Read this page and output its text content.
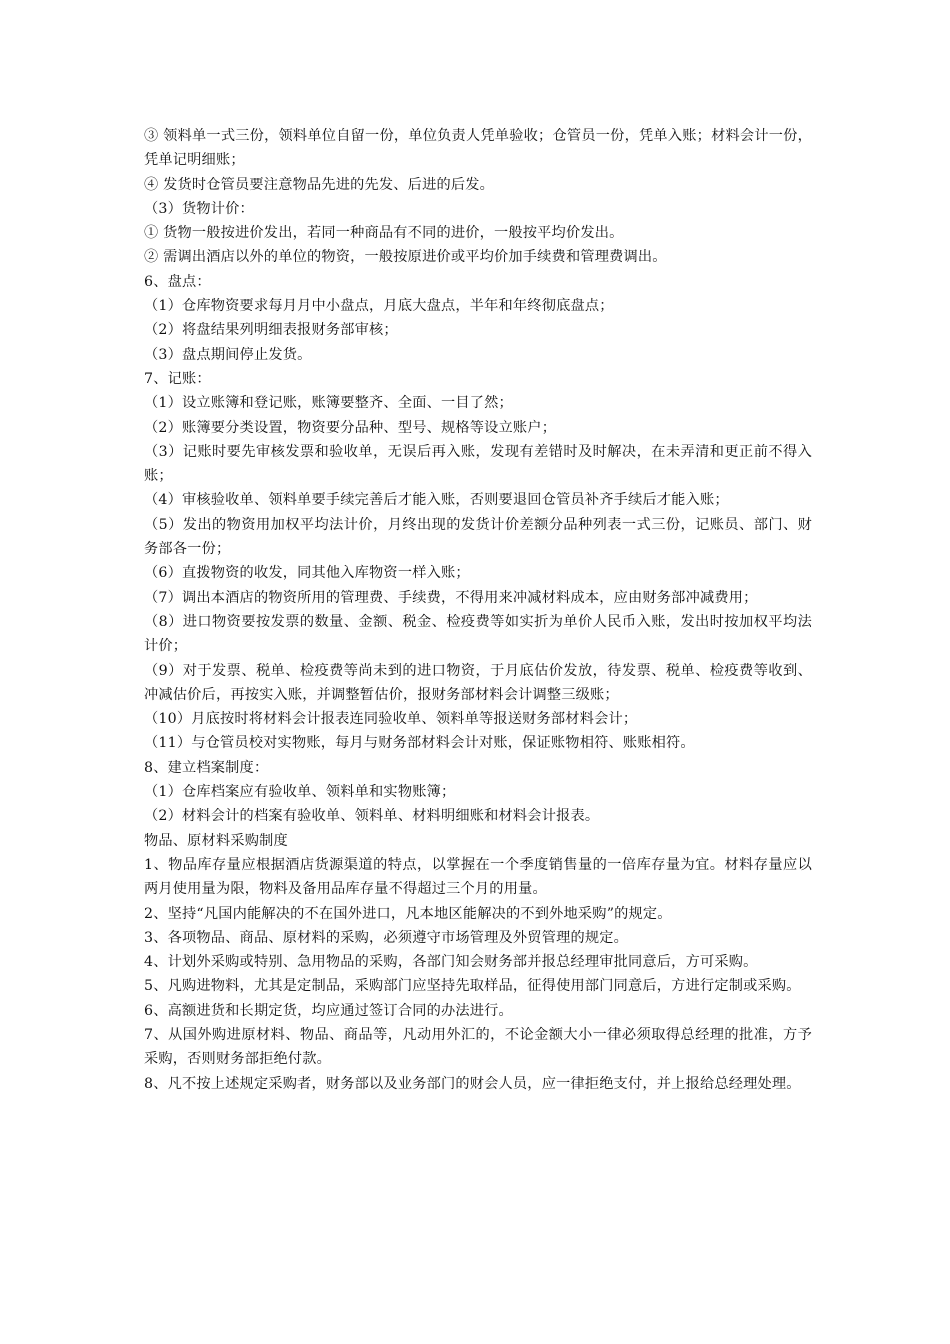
③ 领料单一式三份，领料单位自留一份，单位负责人凭单验收；仓管员一份，凭单入账；材料会计一份，凭单记明细账；

④ 发货时仓管员要注意物品先进的先发、后进的后发。

（3）货物计价：

① 货物一般按进价发出，若同一种商品有不同的进价，一般按平均价发出。

② 需调出酒店以外的单位的物资，一般按原进价或平均价加手续费和管理费调出。

6、盘点：

（1）仓库物资要求每月月中小盘点，月底大盘点，半年和年终彻底盘点；

（2）将盘结果列明细表报财务部审核；

（3）盘点期间停止发货。

7、记账：

（1）设立账簿和登记账，账簿要整齐、全面、一目了然；

（2）账簿要分类设置，物资要分品种、型号、规格等设立账户；

（3）记账时要先审核发票和验收单，无误后再入账，发现有差错时及时解决，在未弄清和更正前不得入账；

（4）审核验收单、领料单要手续完善后才能入账，否则要退回仓管员补齐手续后才能入账；

（5）发出的物资用加权平均法计价，月终出现的发货计价差额分品种列表一式三份，记账员、部门、财务部各一份；

（6）直拨物资的收发，同其他入库物资一样入账；

（7）调出本酒店的物资所用的管理费、手续费，不得用来冲减材料成本，应由财务部冲减费用；

（8）进口物资要按发票的数量、金额、税金、检疫费等如实折为单价人民币入账，发出时按加权平均法计价；

（9）对于发票、税单、检疫费等尚未到的进口物资，于月底估价发放，待发票、税单、检疫费等收到、冲减估价后，再按实入账，并调整暂估价，报财务部材料会计调整三级账；

（10）月底按时将材料会计报表连同验收单、领料单等报送财务部材料会计；

（11）与仓管员校对实物账，每月与财务部材料会计对账，保证账物相符、账账相符。

8、建立档案制度：

（1）仓库档案应有验收单、领料单和实物账簿；

（2）材料会计的档案有验收单、领料单、材料明细账和材料会计报表。

物品、原材料采购制度

1、物品库存量应根据酒店货源渠道的特点，以掌握在一个季度销售量的一倍库存量为宜。材料存量应以两月使用量为限，物料及备用品库存量不得超过三个月的用量。

2、坚持“凡国内能解决的不在国外进口，凡本地区能解决的不到外地采购”的规定。

3、各项物品、商品、原材料的采购，必须遵守市场管理及外贸管理的规定。

4、计划外采购或特别、急用物品的采购，各部门知会财务部并报总经理审批同意后，方可采购。

5、凡购进物料，尤其是定制品，采购部门应坚持先取样品，征得使用部门同意后，方进行定制或采购。

6、高额进货和长期定货，均应通过签订合同的办法进行。

7、从国外购进原材料、物品、商品等，凡动用外汇的，不论金额大小一律必须取得总经理的批准，方予采购，否则财务部拒绝付款。

8、凡不按上述规定采购者，财务部以及业务部门的财会人员，应一律拒绝支付，并上报给总经理处理。
